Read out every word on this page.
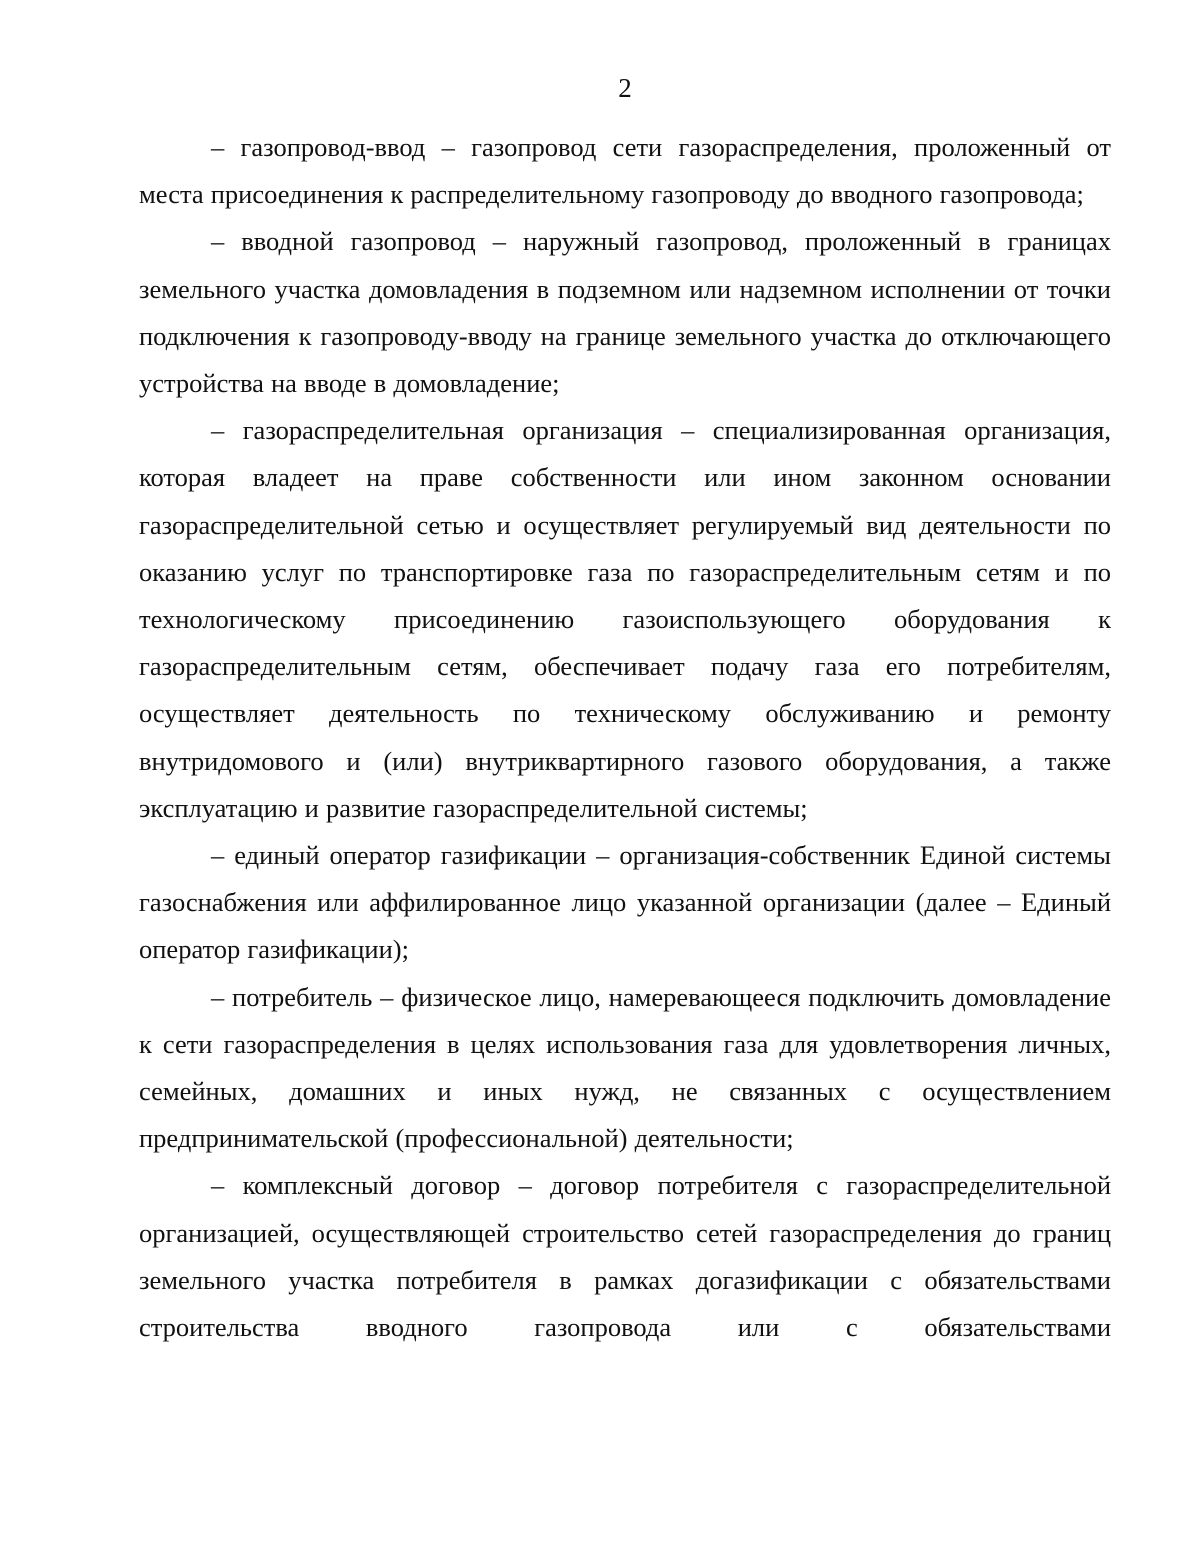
2

– газопровод-ввод – газопровод сети газораспределения, проложенный от места присоединения к распределительному газопроводу до вводного газопровода;

– вводной газопровод – наружный газопровод, проложенный в границах земельного участка домовладения в подземном или надземном исполнении от точки подключения к газопроводу-вводу на границе земельного участка до отключающего устройства на вводе в домовладение;

– газораспределительная организация – специализированная организация, которая владеет на праве собственности или ином законном основании газораспределительной сетью и осуществляет регулируемый вид деятельности по оказанию услуг по транспортировке газа по газораспределительным сетям и по технологическому присоединению газоиспользующего оборудования к газораспределительным сетям, обеспечивает подачу газа его потребителям, осуществляет деятельность по техническому обслуживанию и ремонту внутридомового и (или) внутриквартирного газового оборудования, а также эксплуатацию и развитие газораспределительной системы;

– единый оператор газификации – организация-собственник Единой системы газоснабжения или аффилированное лицо указанной организации (далее – Единый оператор газификации);

– потребитель – физическое лицо, намеревающееся подключить домовладение к сети газораспределения в целях использования газа для удовлетворения личных, семейных, домашних и иных нужд, не связанных с осуществлением предпринимательской (профессиональной) деятельности;

– комплексный договор – договор потребителя с газораспределительной организацией, осуществляющей строительство сетей газораспределения до границ земельного участка потребителя в рамках догазификации с обязательствами строительства вводного газопровода или с обязательствами
